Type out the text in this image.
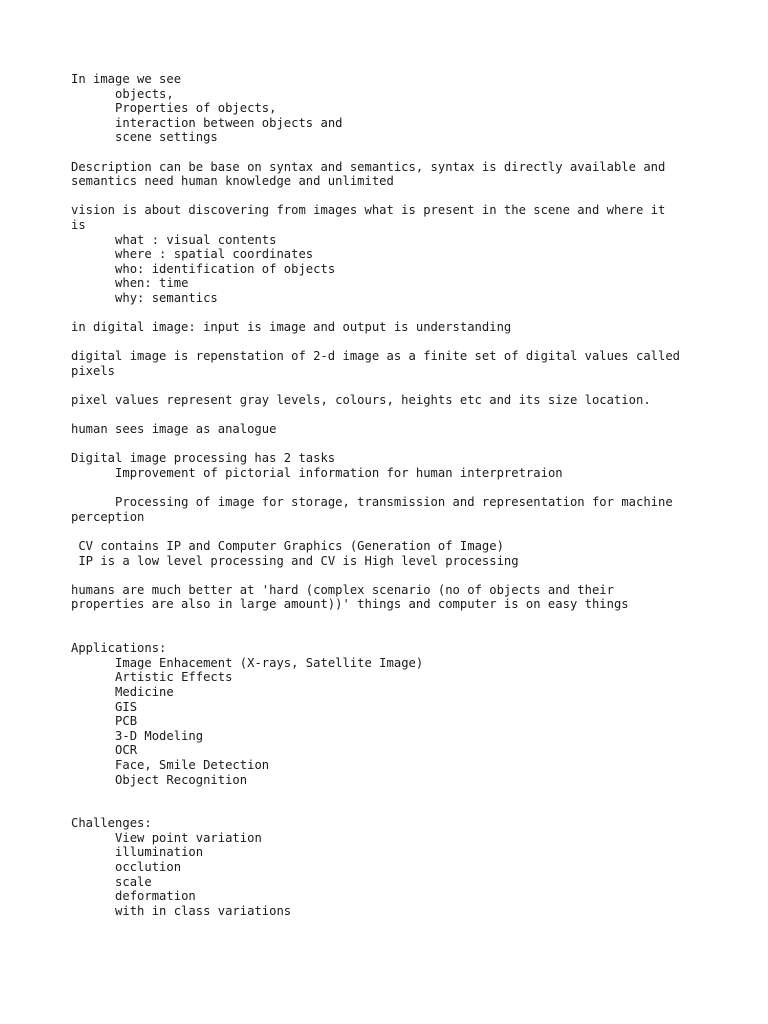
In image we see
objects,
Properties of objects,
interaction between objects and
scene settings
Description can be base on syntax and semantics, syntax is directly available and
semantics need human knowledge and unlimited
vision is about discovering from images what is present in the scene and where it
is
what : visual contents
where : spatial coordinates
who: identification of objects
when: time
why: semantics
in digital image: input is image and output is understanding
digital image is repenstation of 2-d image as a finite set of digital values called
pixels
pixel values represent gray levels, colours, heights etc and its size location.
human sees image as analogue
Digital image processing has 2 tasks
Improvement of pictorial information for human interpretraion
Processing of image for storage, transmission and representation for machine
perception
CV contains IP and Computer Graphics (Generation of Image)
IP is a low level processing and CV is High level processing
humans are much better at 'hard (complex scenario (no of objects and their
properties are also in large amount))' things and computer is on easy things
Applications:
Image Enhacement (X-rays, Satellite Image)
Artistic Effects
Medicine
GIS
PCB
3-D Modeling
OCR
Face, Smile Detection
Object Recognition
Challenges:
View point variation
illumination
occlution
scale
deformation
with in class variations
